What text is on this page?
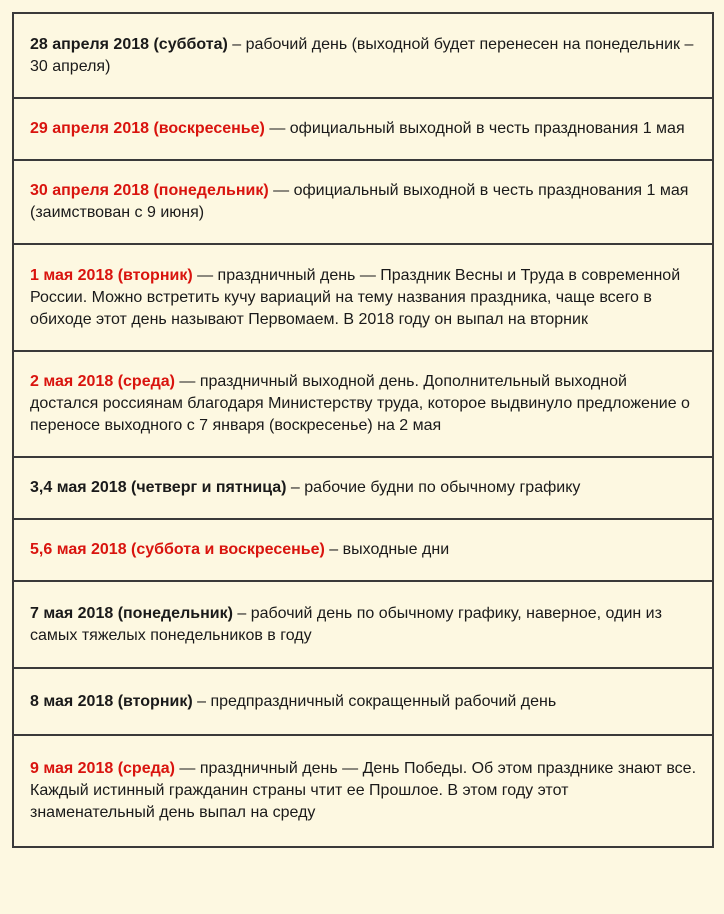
28 апреля 2018 (суббота) – рабочий день (выходной будет перенесен на понедельник – 30 апреля)
29 апреля 2018 (воскресенье) — официальный выходной в честь празднования 1 мая
30 апреля 2018 (понедельник) — официальный выходной в честь празднования 1 мая (заимствован с 9 июня)
1 мая 2018 (вторник) — праздничный день — Праздник Весны и Труда в современной России. Можно встретить кучу вариаций на тему названия праздника, чаще всего в обиходе этот день называют Первомаем. В 2018 году он выпал на вторник
2 мая 2018 (среда) — праздничный выходной день. Дополнительный выходной достался россиянам благодаря Министерству труда, которое выдвинуло предложение о переносе выходного с 7 января (воскресенье) на 2 мая
3,4 мая 2018 (четверг и пятница) – рабочие будни по обычному графику
5,6 мая 2018 (суббота и воскресенье) – выходные дни
7 мая 2018 (понедельник) – рабочий день по обычному графику, наверное, один из самых тяжелых понедельников в году
8 мая 2018 (вторник) – предпраздничный сокращенный рабочий день
9 мая 2018 (среда) — праздничный день — День Победы. Об этом празднике знают все. Каждый истинный гражданин страны чтит ее Прошлое. В этом году этот знаменательный день выпал на среду
